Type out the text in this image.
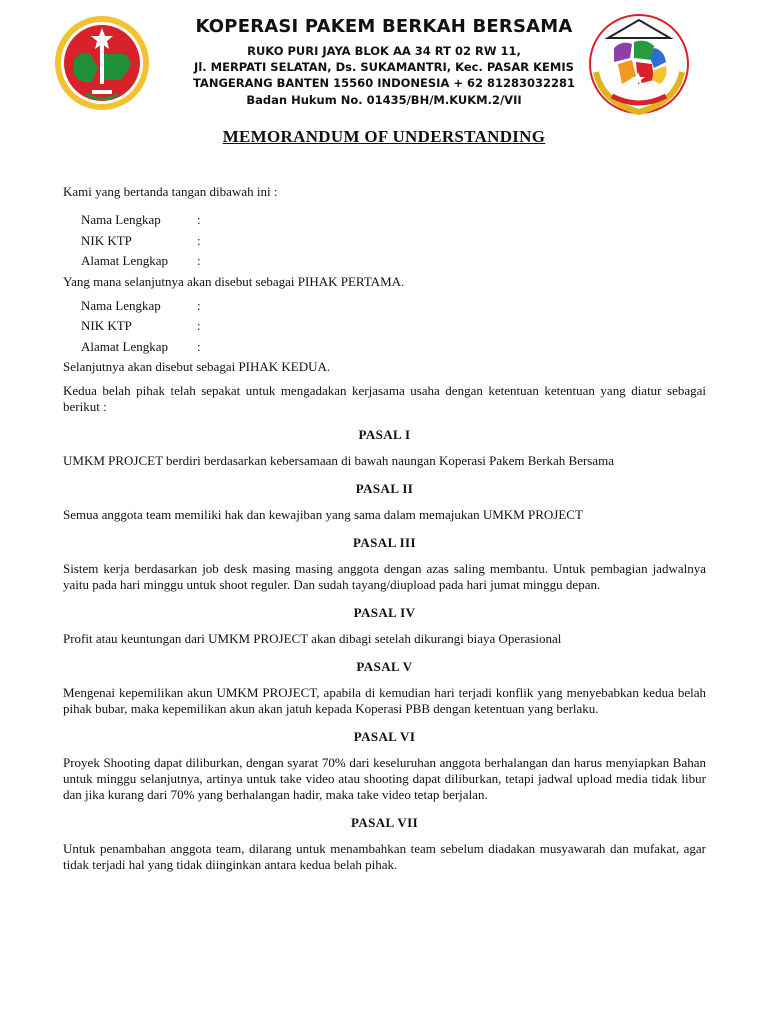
KOPERASI PAKEM BERKAH BERSAMA
RUKO PURI JAYA BLOK AA 34 RT 02 RW 11,
Jl. MERPATI SELATAN, Ds. SUKAMANTRI, Kec. PASAR KEMIS
TANGERANG BANTEN 15560 INDONESIA + 62 81283032281
Badan Hukum No. 01435/BH/M.KUKM.2/VII
MEMORANDUM OF UNDERSTANDING

Kami yang bertanda tangan dibawah ini :

Nama Lengkap	:
NIK KTP	:
Alamat Lengkap :

Yang mana selanjutnya akan disebut sebagai PIHAK PERTAMA.

Nama Lengkap	:
NIK KTP	:
Alamat Lengkap :

Selanjutnya akan disebut sebagai PIHAK KEDUA.

Kedua belah pihak telah sepakat untuk mengadakan kerjasama usaha dengan ketentuan ketentuan yang diatur sebagai berikut :

PASAL I

UMKM PROJCET berdiri berdasarkan kebersamaan di bawah naungan Koperasi Pakem Berkah Bersama

PASAL II

Semua anggota team memiliki hak dan kewajiban yang sama dalam memajukan UMKM PROJECT

PASAL III

Sistem kerja berdasarkan job desk masing masing anggota dengan azas saling membantu. Untuk pembagian jadwalnya yaitu pada hari minggu untuk shoot reguler. Dan sudah tayang/diupload pada hari jumat minggu depan.

PASAL IV

Profit atau keuntungan dari UMKM PROJECT akan dibagi setelah dikurangi biaya Operasional

PASAL V

Mengenai kepemilikan akun UMKM PROJECT, apabila di kemudian hari terjadi konflik yang menyebabkan kedua belah pihak bubar, maka kepemilikan akun akan jatuh kepada Koperasi PBB dengan ketentuan yang berlaku.

PASAL VI

Proyek Shooting dapat diliburkan, dengan syarat 70% dari keseluruhan anggota berhalangan dan harus menyiapkan Bahan untuk minggu selanjutnya, artinya untuk take video atau shooting dapat diliburkan, tetapi jadwal upload media tidak libur dan jika kurang dari 70% yang berhalangan hadir, maka take video tetap berjalan.

PASAL VII

Untuk penambahan anggota team, dilarang untuk menambahkan team sebelum diadakan musyawarah dan mufakat, agar tidak terjadi hal yang tidak diinginkan antara kedua belah pihak.
